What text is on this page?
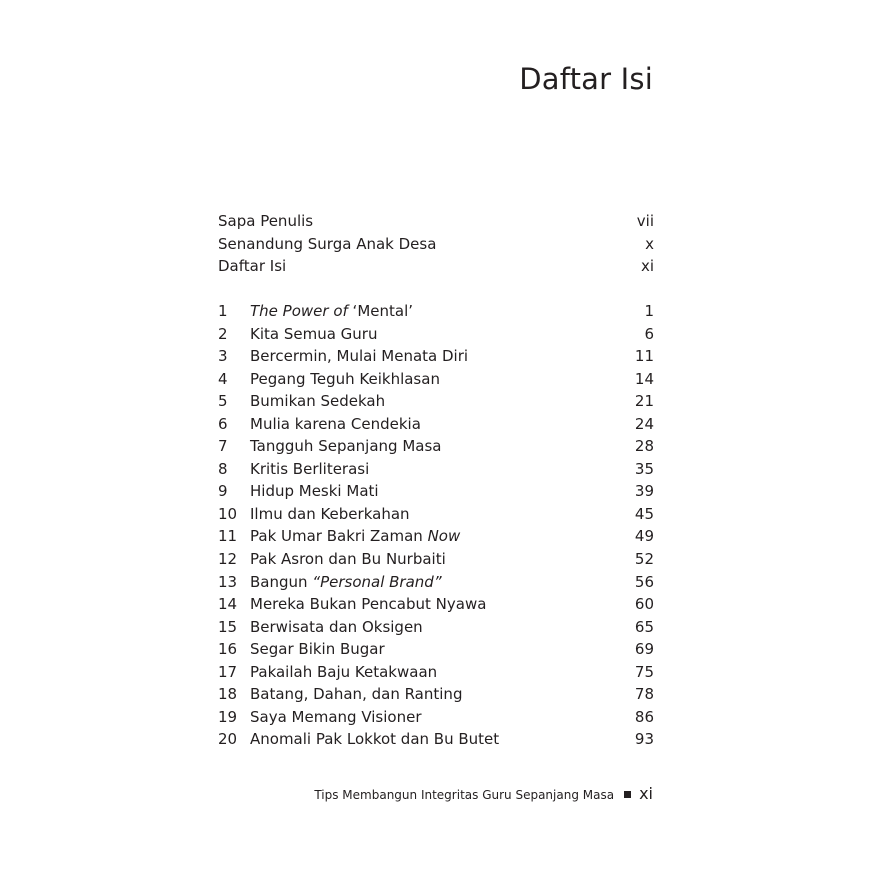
Daftar Isi
Sapa Penulis	vii
Senandung Surga Anak Desa	x
Daftar Isi	xi
1	The Power of ‘Mental’	1
2	Kita Semua Guru	6
3	Bercermin, Mulai Menata Diri	11
4	Pegang Teguh Keikhlasan	14
5	Bumikan Sedekah	21
6	Mulia karena Cendekia	24
7	Tangguh Sepanjang Masa	28
8	Kritis Berliterasi	35
9	Hidup Meski Mati	39
10 Ilmu dan Keberkahan	45
11 Pak Umar Bakri Zaman Now	49
12 Pak Asron dan Bu Nurbaiti	52
13 Bangun “Personal Brand”	56
14 Mereka Bukan Pencabut Nyawa	60
15 Berwisata dan Oksigen	65
16 Segar Bikin Bugar	69
17 Pakailah Baju Ketakwaan	75
18 Batang, Dahan, dan Ranting	78
19 Saya Memang Visioner	86
20 Anomali Pak Lokkot dan Bu Butet	93
Tips Membangun Integritas Guru Sepanjang Masa xi
